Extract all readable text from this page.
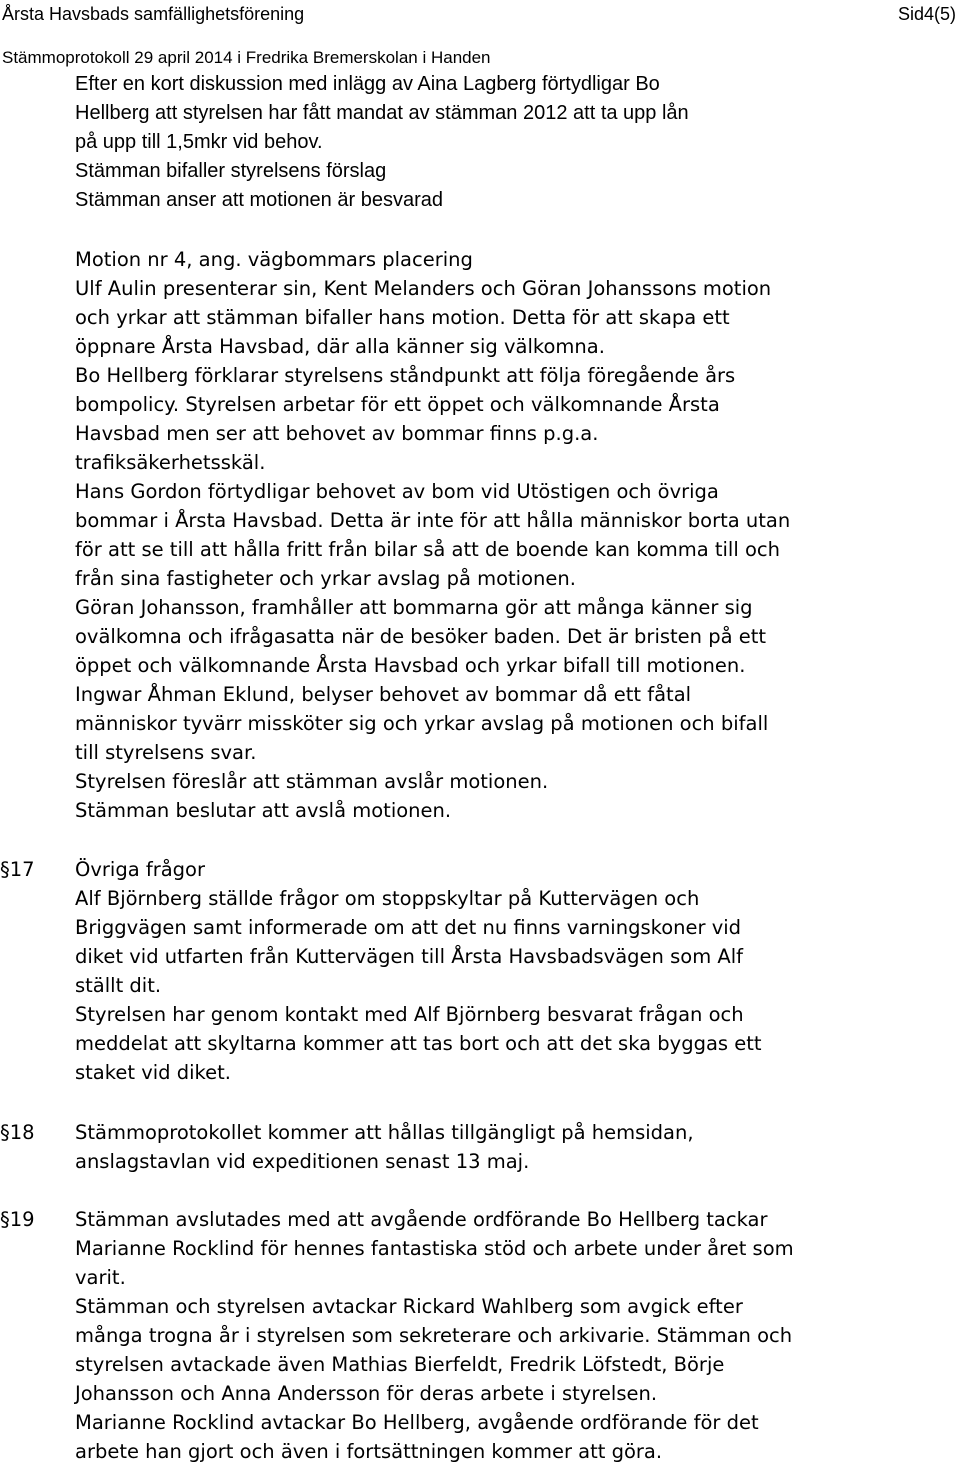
Årsta Havsbads samfällighetsförening	Sid4(5)
Stämmoprotokoll 29 april 2014 i Fredrika Bremerskolan i Handen

Efter en kort diskussion med inlägg av Aina Lagberg förtydligar Bo
Hellberg att styrelsen har fått mandat av stämman 2012 att ta upp lån
på upp till 1,5mkr vid behov.

Stämman bifaller styrelsens förslag

Stämman anser att motionen är besvarad

Motion nr 4, ang. vägbommars placering

Ulf Aulin presenterar sin, Kent Melanders och Göran Johanssons motion
och yrkar att stämman bifaller hans motion. Detta för att skapa ett
öppnare Årsta Havsbad, där alla känner sig välkomna.

Bo Hellberg förklarar styrelsens ståndpunkt att följa föregående års
bompolicy. Styrelsen arbetar för ett öppet och välkomnande Årsta
Havsbad men ser att behovet av bommar finns p.g.a.
trafiksäkerhetsskäl.

Hans Gordon förtydligar behovet av bom vid Utöstigen och övriga
bommar i Årsta Havsbad. Detta är inte för att hålla människor borta utan
för att se till att hålla fritt från bilar så att de boende kan komma till och
från sina fastigheter och yrkar avslag på motionen.

Göran Johansson, framhåller att bommarna gör att många känner sig
ovälkomna och ifrågasatta när de besöker baden. Det är bristen på ett
öppet och välkomnande Årsta Havsbad och yrkar bifall till motionen.

Ingwar Åhman Eklund, belyser behovet av bommar då ett fåtal
människor tyvärr missköter sig och yrkar avslag på motionen och bifall
till styrelsens svar.

Styrelsen föreslår att stämman avslår motionen.

Stämman beslutar att avslå motionen.

§17 Övriga frågor

Alf Björnberg ställde frågor om stoppskyltar på Kuttervägen och
Briggvägen samt informerade om att det nu finns varningskoner vid
diket vid utfarten från Kuttervägen till Årsta Havsbadsvägen som Alf
ställt dit.

Styrelsen har genom kontakt med Alf Björnberg besvarat frågan och
meddelat att skyltarna kommer att tas bort och att det ska byggas ett
staket vid diket.

§18 Stämmoprotokollet kommer att hållas tillgängligt på hemsidan,
anslagstavlan vid expeditionen senast 13 maj.

§19 Stämman avslutades med att avgående ordförande Bo Hellberg tackar
Marianne Rocklind för hennes fantastiska stöd och arbete under året som
varit.

Stämman och styrelsen avtackar Rickard Wahlberg som avgick efter
många trogna år i styrelsen som sekreterare och arkivarie. Stämman och
styrelsen avtackade även Mathias Bierfeldt, Fredrik Löfstedt, Börje
Johansson och Anna Andersson för deras arbete i styrelsen.

Marianne Rocklind avtackar Bo Hellberg, avgående ordförande för det
arbete han gjort och även i fortsättningen kommer att göra.
